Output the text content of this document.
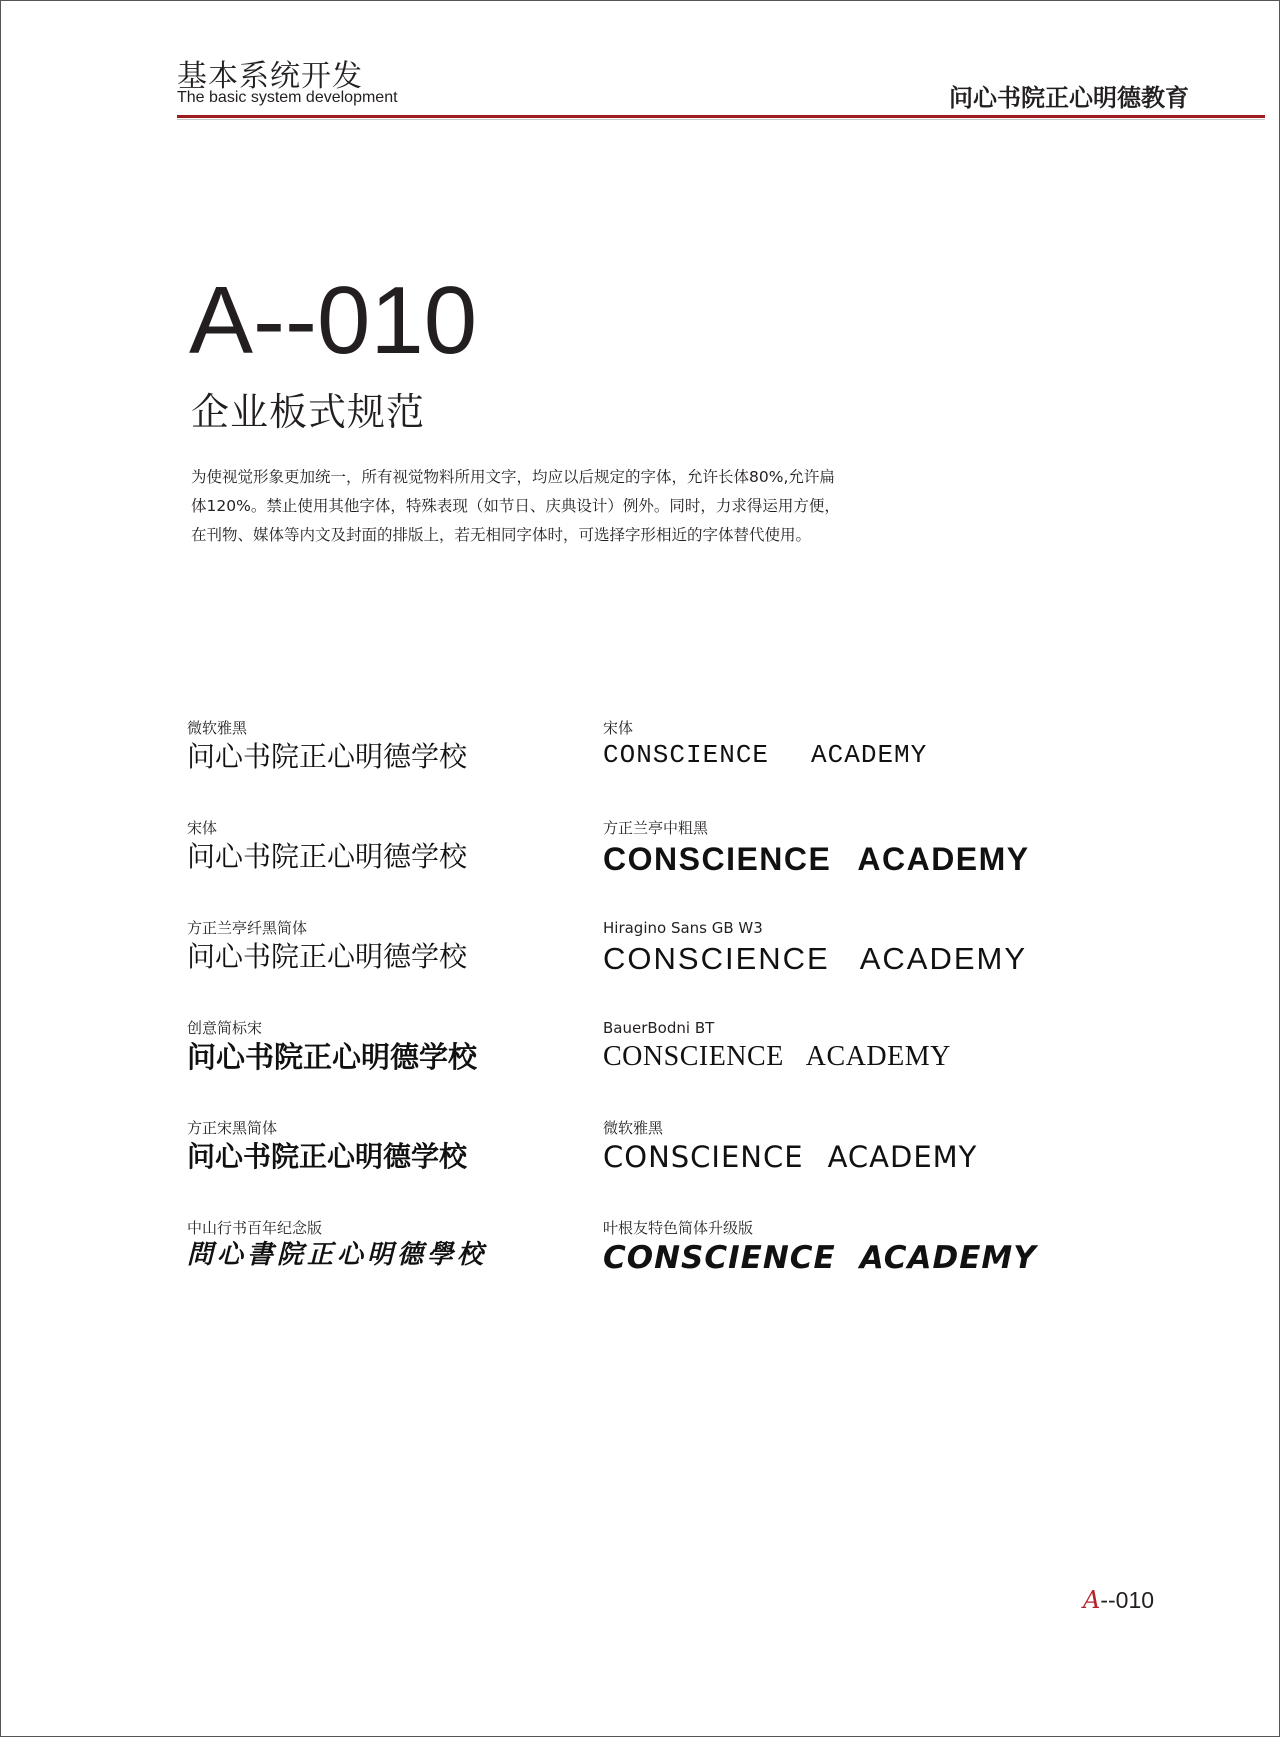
基本系统开发
The basic system development	问心书院正心明德教育
A--010
企业板式规范
为使视觉形象更加统一，所有视觉物料所用文字，均应以后规定的字体，允许长体80%,允许扁
体120%。禁止使用其他字体，特殊表现（如节日、庆典设计）例外。同时，力求得运用方便，
在刊物、媒体等内文及封面的排版上，若无相同字体时，可选择字形相近的字体替代使用。
微软雅黑
问心书院正心明德学校
宋体
问心书院正心明德学校
方正兰亭纤黑简体
问心书院正心明德学校
创意简标宋
问心书院正心明德学校
方正宋黑简体
问心书院正心明德学校
中山行书百年纪念版
問心書院正心明德學校
宋体
CONSCIENCE ACADEMY
方正兰亭中粗黑
CONSCIENCE ACADEMY
Hiragino Sans GB W3
CONSCIENCE ACADEMY
BauerBodni BT
CONSCIENCE ACADEMY
微软雅黑
CONSCIENCE ACADEMY
叶根友特色简体升级版
CONSCIENCE ACADEMY
A--010
